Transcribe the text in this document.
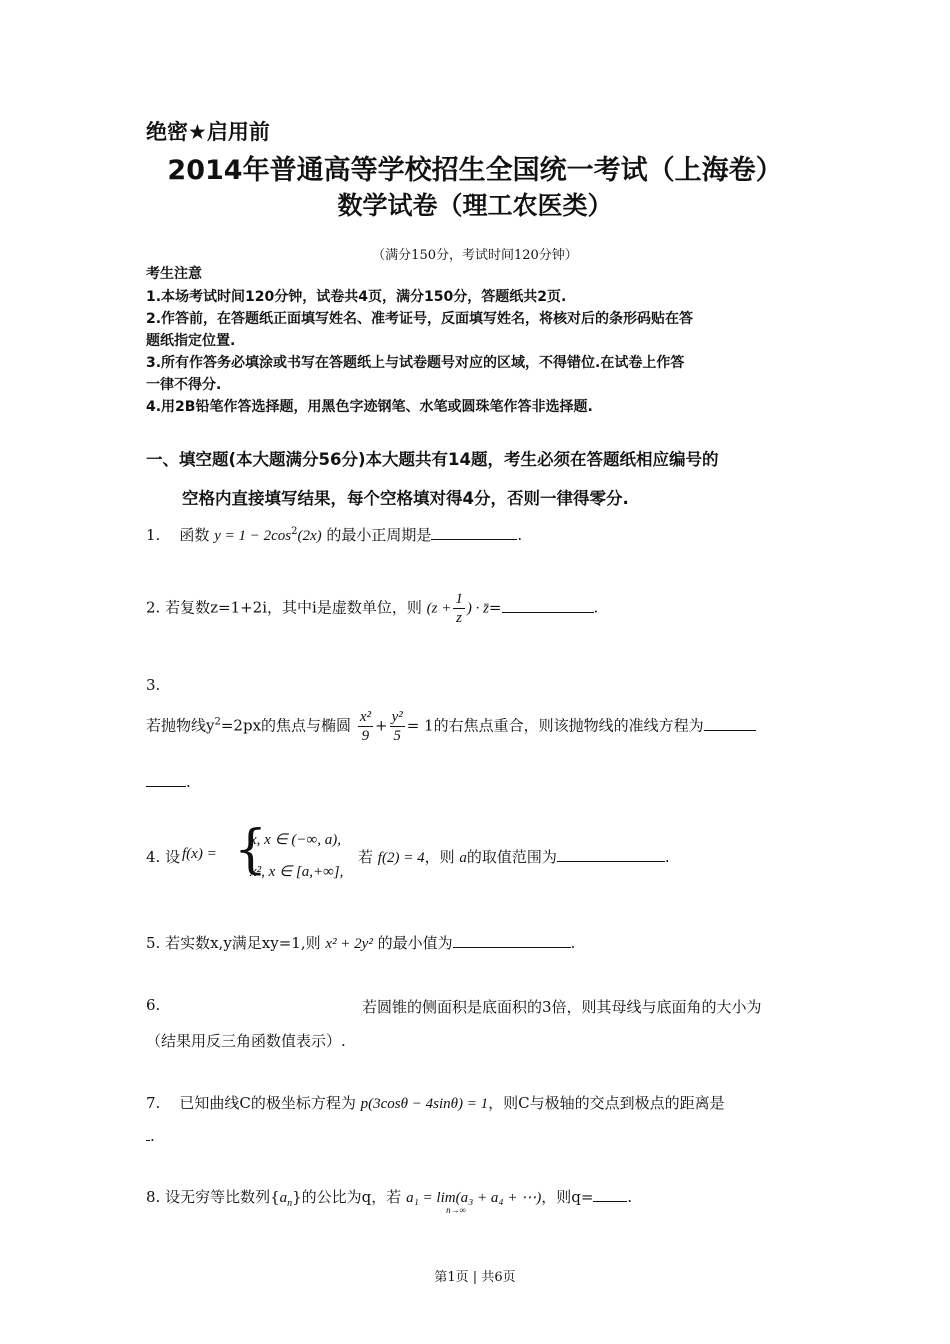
绝密★启用前
2014年普通高等学校招生全国统一考试（上海卷）
数学试卷（理工农医类）
（满分150分，考试时间120分钟）
考生注意
1.本场考试时间120分钟，试卷共4页，满分150分，答题纸共2页.
2.作答前，在答题纸正面填写姓名、准考证号，反面填写姓名，将核对后的条形码贴在答
题纸指定位置.
3.所有作答务必填涂或书写在答题纸上与试卷题号对应的区域，不得错位.在试卷上作答
一律不得分.
4.用2B铅笔作答选择题，用黑色字迹钢笔、水笔或圆珠笔作答非选择题.
一、填空题(本大题满分56分)本大题共有14题，考生必须在答题纸相应编号的
空格内直接填写结果，每个空格填对得4分，否则一律得零分.
1. 函数 $y = 1 - 2\cos^2(2x)$ 的最小正周期是	.
2. 若复数z=1+2i，其中i是虚数单位，则 ($z + \frac{1}{z}$ ) · z̄=	.
3.
若抛物线$y^2=2px$的焦点与椭圆 $\frac{\text{x²}}{9} + \frac{\text{y²}}{5} = 1$的右焦点重合，则该抛物线的准线方程为
.
4. 设 f(x) = {
x, x ∈ (−∞, a),
x², x ∈ [a,+∞],
若 f(2) = 4，则 a的取值范围为	.
5. 若实数x,y满足xy=1,则 x² + 2y² 的最小值为	.
6.	若圆锥的侧面积是底面积的3倍，则其母线与底面角的大小为
（结果用反三角函数值表示）.
7. 已知曲线C的极坐标方程为 p(3cosθ − 4sinθ) = 1，则C与极轴的交点到极点的距离是
.
8. 设无穷等比数列$\{a_n\}$的公比为q，若 a₁ = lim(a₃ + a₄ + ⋯)
n→∞
，则q= .
第1页 | 共6页
